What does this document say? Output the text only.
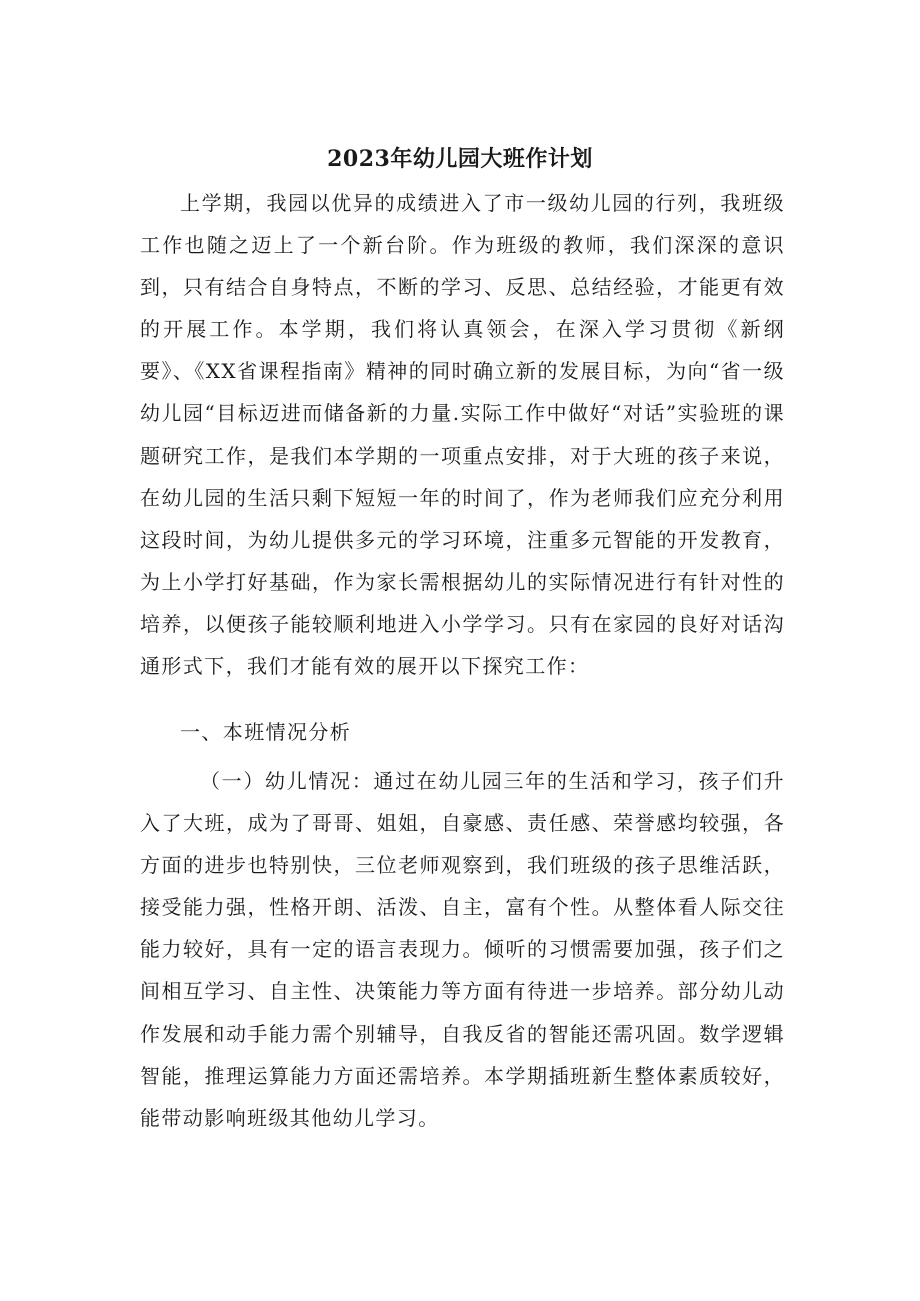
2023年幼儿园大班作计划

上学期，我园以优异的成绩进入了市一级幼儿园的行列，我班级工作也随之迈上了一个新台阶。作为班级的教师，我们深深的意识到，只有结合自身特点，不断的学习、反思、总结经验，才能更有效的开展工作。本学期，我们将认真领会，在深入学习贯彻《新纲要》、《XX省课程指南》精神的同时确立新的发展目标，为向“省一级幼儿园“目标迈进而储备新的力量.实际工作中做好“对话”实验班的课题研究工作，是我们本学期的一项重点安排，对于大班的孩子来说，在幼儿园的生活只剩下短短一年的时间了，作为老师我们应充分利用这段时间，为幼儿提供多元的学习环境，注重多元智能的开发教育，为上小学打好基础，作为家长需根据幼儿的实际情况进行有针对性的培养，以便孩子能较顺利地进入小学学习。只有在家园的良好对话沟通形式下，我们才能有效的展开以下探究工作：

一、本班情况分析

（一）幼儿情况：通过在幼儿园三年的生活和学习，孩子们升入了大班，成为了哥哥、姐姐，自豪感、责任感、荣誉感均较强，各方面的进步也特别快，三位老师观察到，我们班级的孩子思维活跃，接受能力强，性格开朗、活泼、自主，富有个性。从整体看人际交往能力较好，具有一定的语言表现力。倾听的习惯需要加强，孩子们之间相互学习、自主性、决策能力等方面有待进一步培养。部分幼儿动作发展和动手能力需个别辅导，自我反省的智能还需巩固。数学逻辑智能，推理运算能力方面还需培养。本学期插班新生整体素质较好，能带动影响班级其他幼儿学习。
